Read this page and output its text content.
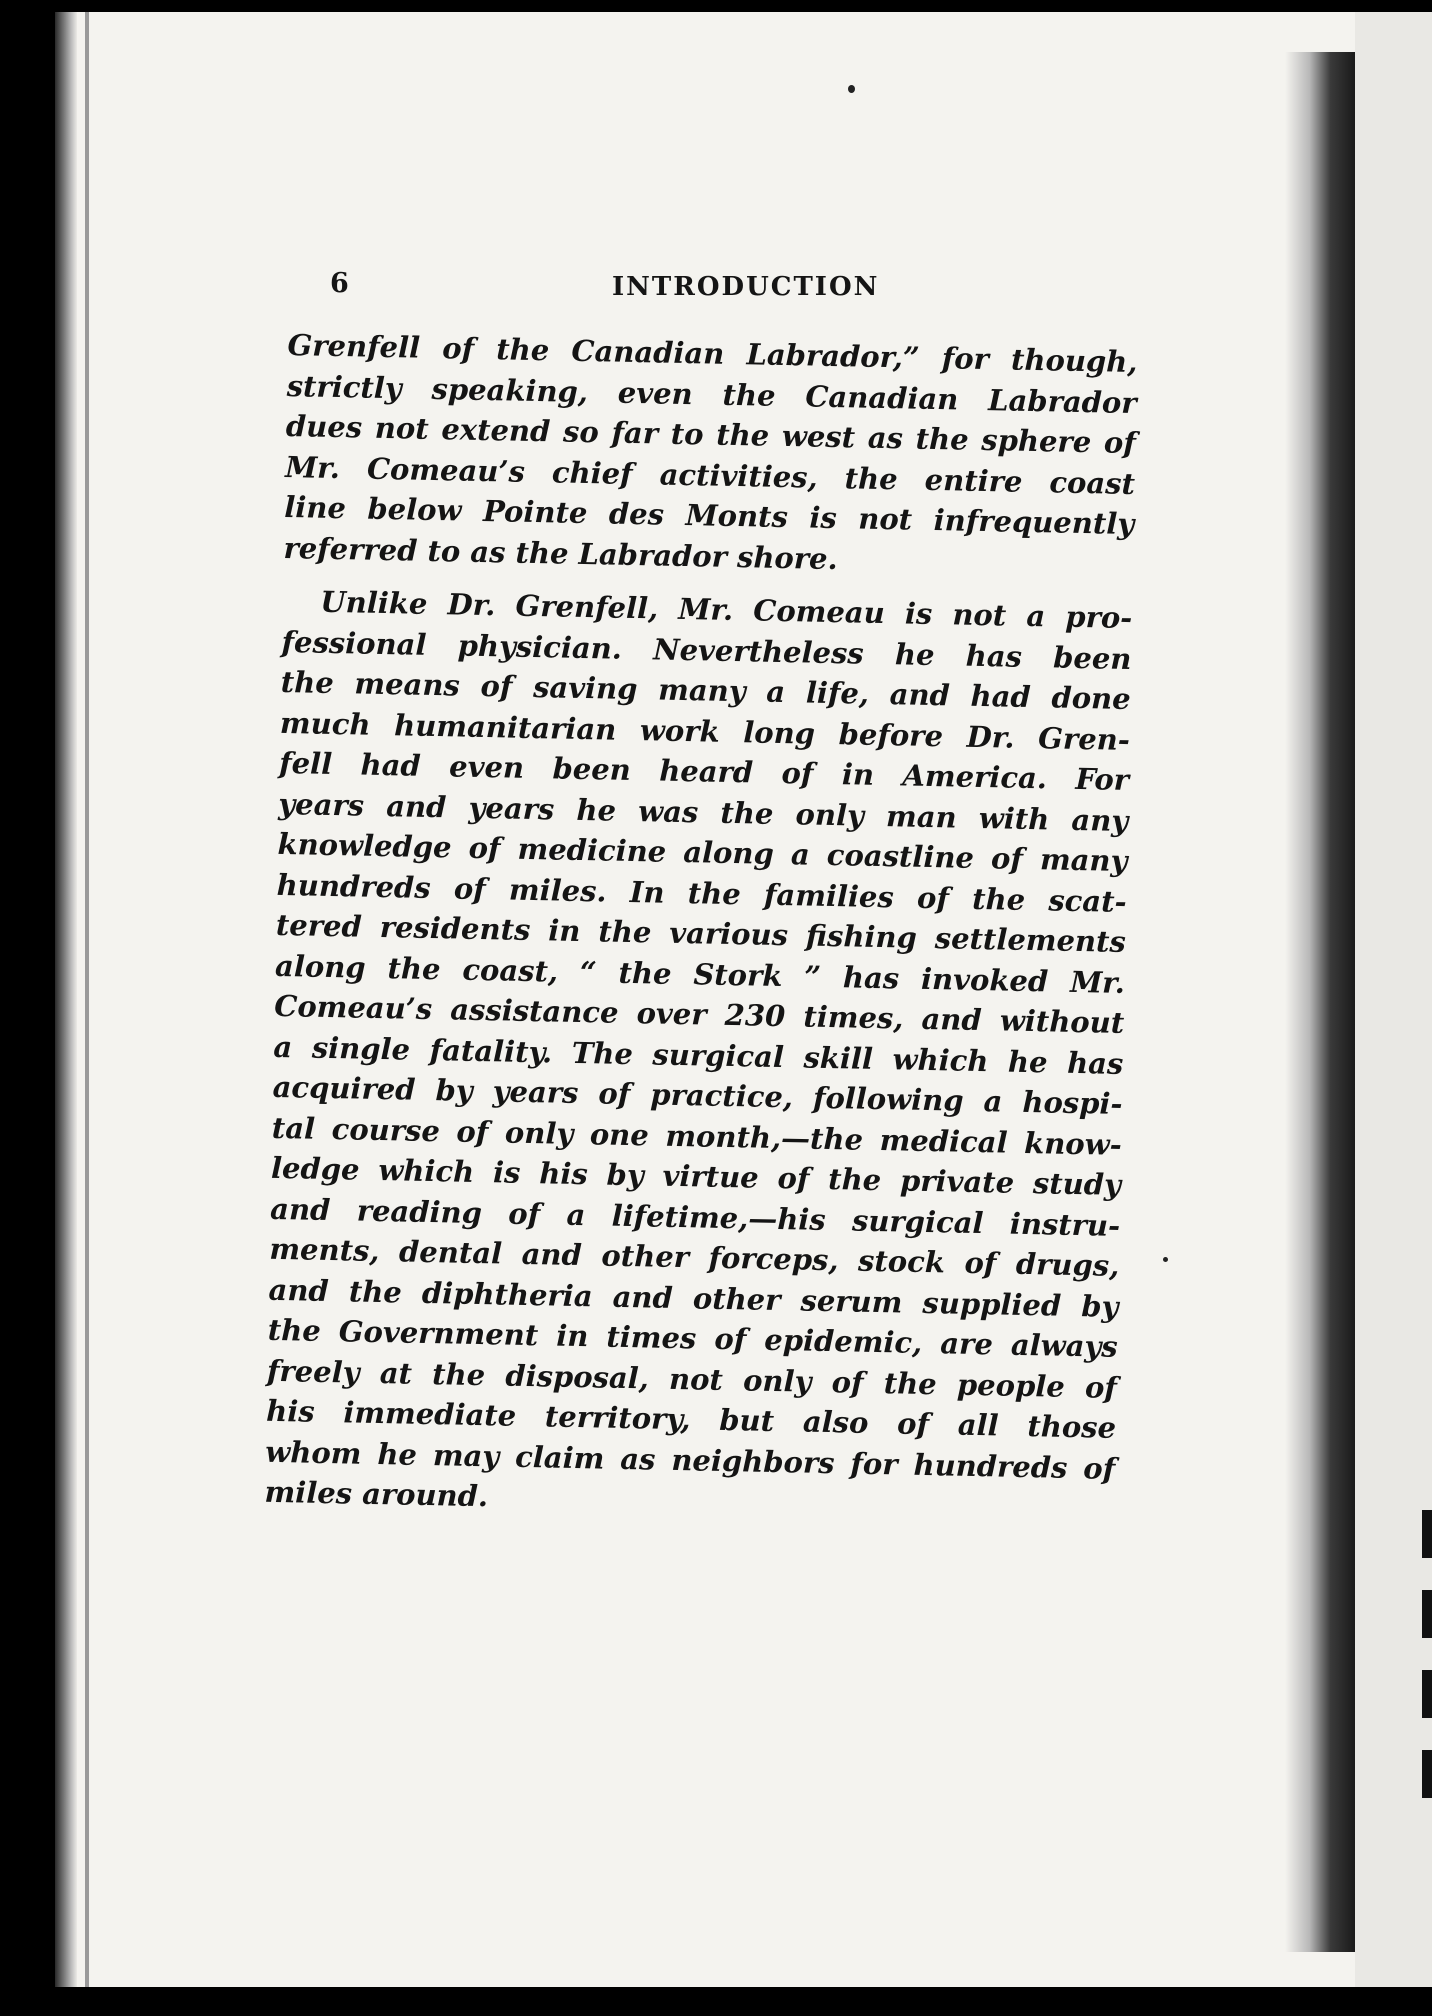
6	INTRODUCTION

Grenfell of the Canadian Labrador,” for though,
strictly speaking, even the Canadian Labrador
dues not extend so far to the west as the sphere of
Mr. Comeau’s chief activities, the entire coast
line below Pointe des Monts is not infrequently
referred to as the Labrador shore.

Unlike Dr. Grenfell, Mr. Comeau is not a pro-
fessional physician. Nevertheless he has been
the means of saving many a life, and had done
much humanitarian work long before Dr. Gren-
fell had even been heard of in America. For
years and years he was the only man with any
knowledge of medicine along a coastline of many
hundreds of miles. In the families of the scat-
tered residents in the various fishing settlements
along the coast, “ the Stork ” has invoked Mr.
Comeau’s assistance over 230 times, and without
a single fatality. The surgical skill which he has
acquired by years of practice, following a hospi-
tal course of only one month,—the medical know-
ledge which is his by virtue of the private study
and reading of a lifetime,—his surgical instru-
ments, dental and other forceps, stock of drugs,
and the diphtheria and other serum supplied by
the Government in times of epidemic, are always
freely at the disposal, not only of the people of
his immediate territory, but also of all those
whom he may claim as neighbors for hundreds of
miles around.
